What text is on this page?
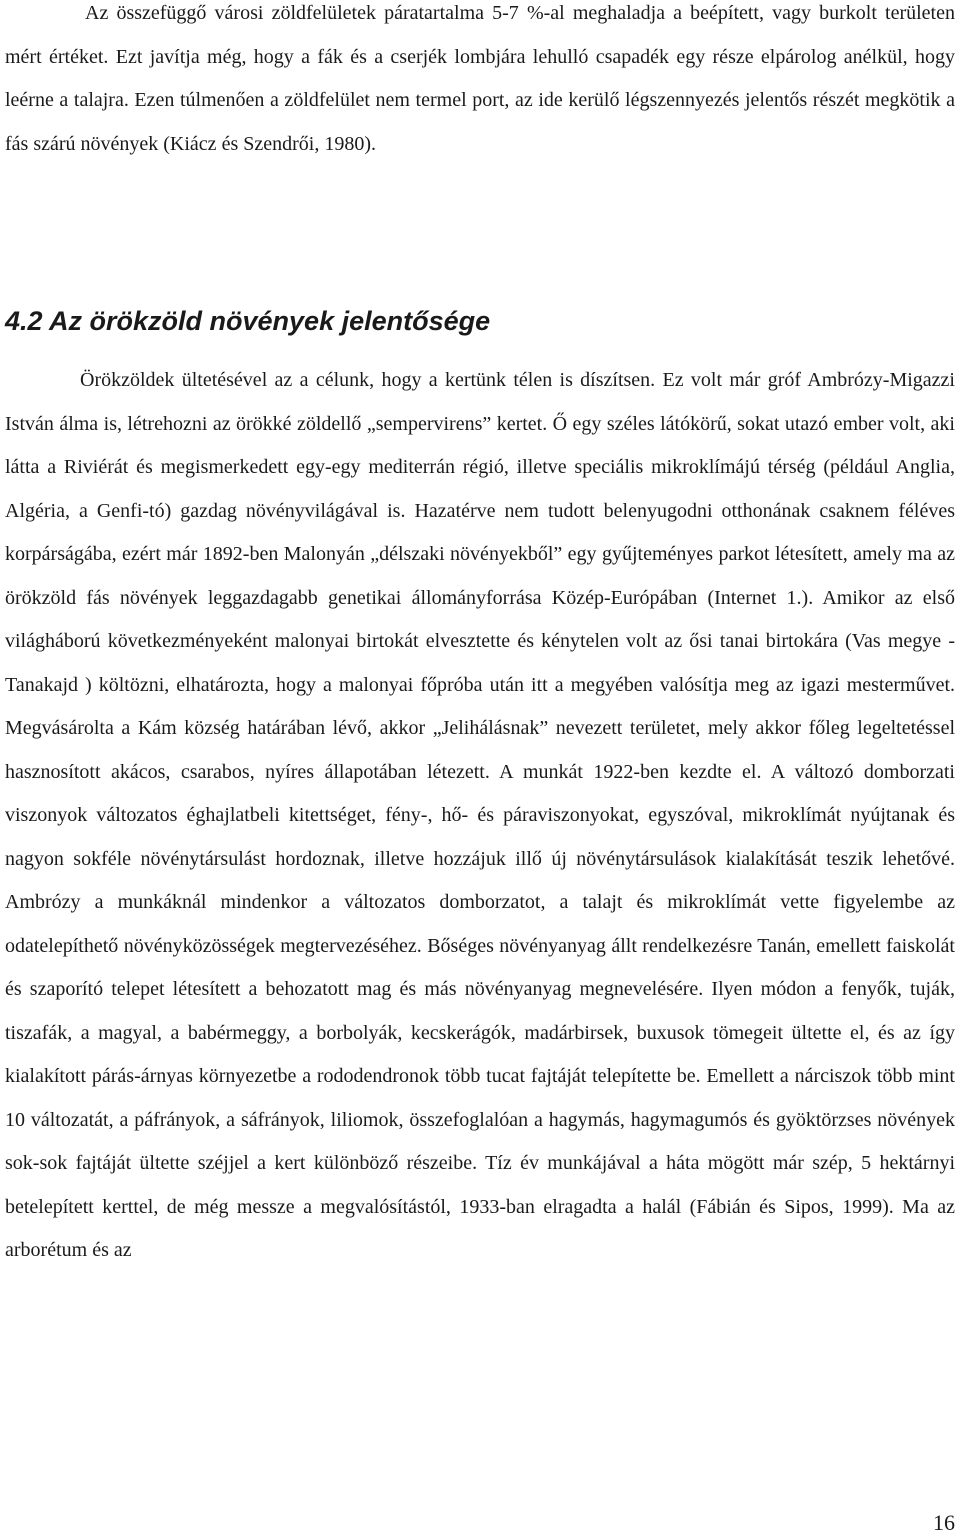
Az összefüggő városi zöldfelületek páratartalma 5-7 %-al meghaladja a beépített, vagy burkolt területen mért értéket. Ezt javítja még, hogy a fák és a cserjék lombjára lehulló csapadék egy része elpárolog anélkül, hogy leérne a talajra. Ezen túlmenően a zöldfelület nem termel port, az ide kerülő légszennyezés jelentős részét megkötik a fás szárú növények (Kiácz és Szendrői, 1980).

4.2 Az örökzöld növények jelentősége

Örökzöldek ültetésével az a célunk, hogy a kertünk télen is díszítsen. Ez volt már gróf Ambrózy-Migazzi István álma is, létrehozni az örökké zöldellő „sempervirens” kertet. Ő egy széles látókörű, sokat utazó ember volt, aki látta a Riviérát és megismerkedett egy-egy mediterrán régió, illetve speciális mikroklímájú térség (például Anglia, Algéria, a Genfi-tó) gazdag növényvilágával is. Hazatérve nem tudott belenyugodni otthonának csaknem féléves korpárságába, ezért már 1892-ben Malonyán „délszaki növényekből” egy gyűjteményes parkot létesített, amely ma az örökzöld fás növények leggazdagabb genetikai állományforrása Közép-Európában (Internet 1.). Amikor az első világháború következményeként malonyai birtokát elvesztette és kénytelen volt az ősi tanai birtokára (Vas megye - Tanakajd ) költözni, elhatározta, hogy a malonyai főpróba után itt a megyében valósítja meg az igazi mesterművet. Megvásárolta a Kám község határában lévő, akkor „Jelihálásnak” nevezett területet, mely akkor főleg legeltetéssel hasznosított akácos, csarabos, nyíres állapotában létezett. A munkát 1922-ben kezdte el. A változó domborzati viszonyok változatos éghajlatbeli kitettséget, fény-, hő- és páraviszonyokat, egyszóval, mikroklímát nyújtanak és nagyon sokféle növénytársulást hordoznak, illetve hozzájuk illő új növénytársulások kialakítását teszik lehetővé. Ambrózy a munkáknál mindenkor a változatos domborzatot, a talajt és mikroklímát vette figyelembe az odatelepíthető növényközösségek megtervezéséhez. Bőséges növényanyag állt rendelkezésre Tanán, emellett faiskolát és szaporító telepet létesített a behozatott mag és más növényanyag megnevelésére. Ilyen módon a fenyők, tuják, tiszafák, a magyal, a babérmeggy, a borbolyák, kecskerágók, madárbirsek, buxusok tömegeit ültette el, és az így kialakított párás-árnyas környezetbe a rododendronok több tucat fajtáját telepítette be. Emellett a nárciszok több mint 10 változatát, a páfrányok, a sáfrányok, liliomok, összefoglalóan a hagymás, hagymagumós és gyöktörzses növények sok-sok fajtáját ültette széjjel a kert különböző részeibe. Tíz év munkájával a háta mögött már szép, 5 hektárnyi betelepített kerttel, de még messze a megvalósítástól, 1933-ban elragadta a halál (Fábián és Sipos, 1999). Ma az arborétum és az

16
